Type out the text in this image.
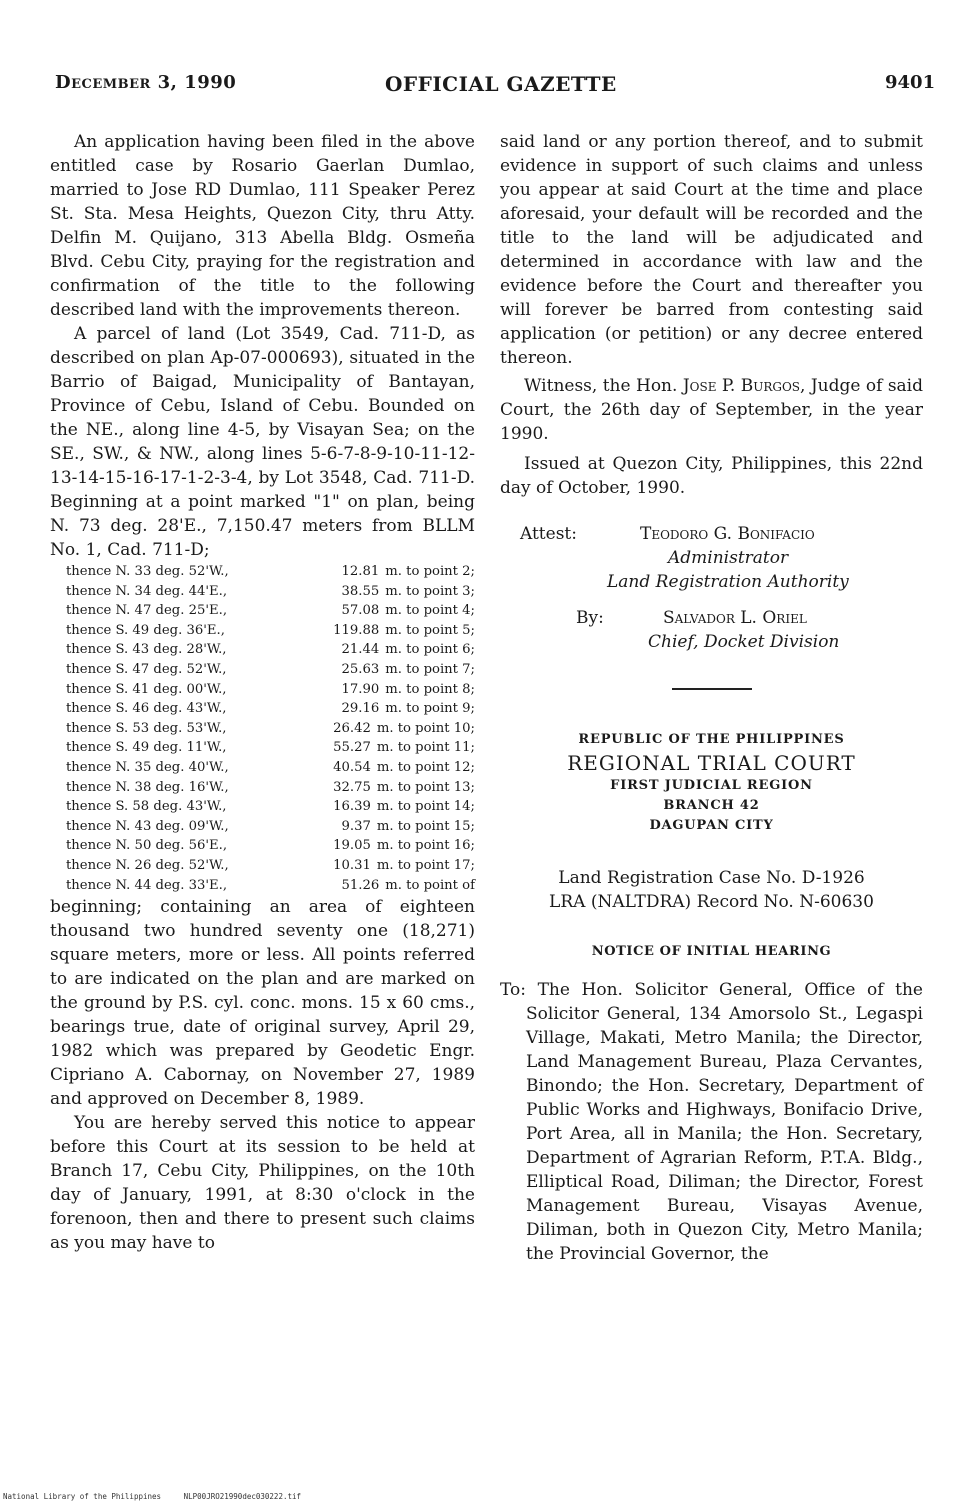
December 3, 1990	OFFICIAL GAZETTE	9401

An application having been filed in the above entitled case by Rosario Gaerlan Dumlao, married to Jose RD Dumlao, 111 Speaker Perez St. Sta. Mesa Heights, Quezon City, thru Atty. Delfin M. Quijano, 313 Abella Bldg. Osmeña Blvd. Cebu City, praying for the registration and confirmation of the title to the following described land with the improvements thereon.

A parcel of land (Lot 3549, Cad. 711-D, as described on plan Ap-07-000693), situated in the Barrio of Baigad, Municipality of Bantayan, Province of Cebu, Island of Cebu. Bounded on the NE., along line 4-5, by Visayan Sea; on the SE., SW., & NW., along lines 5-6-7-8-9-10-11-12-13-14-15-16-17-1-2-3-4, by Lot 3548, Cad. 711-D. Beginning at a point marked "1" on plan, being N. 73 deg. 28'E., 7,150.47 meters from BLLM No. 1, Cad. 711-D;

thence N. 33 deg. 52'W.,	12.81 m. to point 2;
thence N. 34 deg. 44'E.,	38.55 m. to point 3;
thence N. 47 deg. 25'E.,	57.08 m. to point 4;
thence S. 49 deg. 36'E.,	119.88 m. to point 5;
thence S. 43 deg. 28'W.,	21.44 m. to point 6;
thence S. 47 deg. 52'W.,	25.63 m. to point 7;
thence S. 41 deg. 00'W.,	17.90 m. to point 8;
thence S. 46 deg. 43'W.,	29.16 m. to point 9;
thence S. 53 deg. 53'W.,	26.42 m. to point 10;
thence S. 49 deg. 11'W.,	55.27 m. to point 11;
thence N. 35 deg. 40'W.,	40.54 m. to point 12;
thence N. 38 deg. 16'W.,	32.75 m. to point 13;
thence S. 58 deg. 43'W.,	16.39 m. to point 14;
thence N. 43 deg. 09'W.,	9.37 m. to point 15;
thence N. 50 deg. 56'E.,	19.05 m. to point 16;
thence N. 26 deg. 52'W.,	10.31 m. to point 17;
thence N. 44 deg. 33'E.,	51.26 m. to point of

beginning; containing an area of eighteen thousand two hundred seventy one (18,271) square meters, more or less. All points referred to are indicated on the plan and are marked on the ground by P.S. cyl. conc. mons. 15 x 60 cms., bearings true, date of original survey, April 29, 1982 which was prepared by Geodetic Engr. Cipriano A. Cabornay, on November 27, 1989 and approved on December 8, 1989.

You are hereby served this notice to appear before this Court at its session to be held at Branch 17, Cebu City, Philippines, on the 10th day of January, 1991, at 8:30 o'clock in the forenoon, then and there to present such claims as you may have to

said land or any portion thereof, and to submit evidence in support of such claims and unless you appear at said Court at the time and place aforesaid, your default will be recorded and the title to the land will be adjudicated and determined in accordance with law and the evidence before the Court and thereafter you will forever be barred from contesting said application (or petition) or any decree entered thereon.

Witness, the Hon. Jose P. Burgos, Judge of said Court, the 26th day of September, in the year 1990.

Issued at Quezon City, Philippines, this 22nd day of October, 1990.

Attest:	Teodoro G. Bonifacio
Administrator
Land Registration Authority
By:	Salvador L. Oriel
Chief, Docket Division
REPUBLIC OF THE PHILIPPINES
REGIONAL TRIAL COURT
FIRST JUDICIAL REGION
BRANCH 42
DAGUPAN CITY
Land Registration Case No. D-1926
LRA (NALTDRA) Record No. N-60630
NOTICE OF INITIAL HEARING

To: The Hon. Solicitor General, Office of the Solicitor General, 134 Amorsolo St., Legaspi Village, Makati, Metro Manila; the Director, Land Management Bureau, Plaza Cervantes, Binondo; the Hon. Secretary, Department of Public Works and Highways, Bonifacio Drive, Port Area, all in Manila; the Hon. Secretary, Department of Agrarian Reform, P.T.A. Bldg., Elliptical Road, Diliman; the Director, Forest Management Bureau, Visayas Avenue, Diliman, both in Quezon City, Metro Manila; the Provincial Governor, the

National Library of the Philippines	NLP00JRO21990dec030222.tif
